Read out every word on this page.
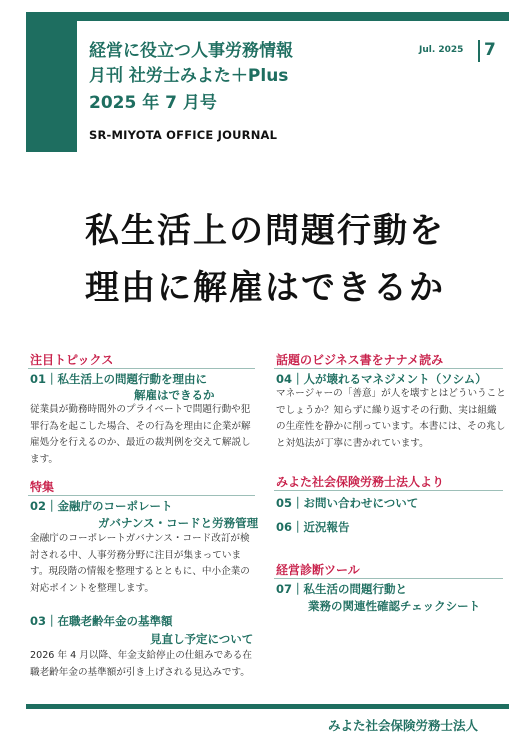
経営に役立つ人事労務情報
月刊 社労士みよた＋Plus
2025 年 7 月号
SR-MIYOTA OFFICE JOURNAL
Jul. 2025 7
私生活上の問題行動を
理由に解雇はできるか
注目トピックス
01｜私生活上の問題行動を理由に
解雇はできるか
従業員が勤務時間外のプライベートで問題行動や犯罪行為を起こした場合、その行為を理由に企業が解雇処分を行えるのか、最近の裁判例を交えて解説します。
特集
02｜金融庁のコーポレート
ガバナンス・コードと労務管理
金融庁のコーポレートガバナンス・コード改訂が検討される中、人事労務分野に注目が集まっています。現段階の情報を整理するとともに、中小企業の対応ポイントを整理します。
03｜在職老齢年金の基準額
見直し予定について
2026 年 4 月以降、年金支給停止の仕組みである在職老齢年金の基準額が引き上げされる見込みです。
話題のビジネス書をナナメ読み
04｜人が壊れるマネジメント（ソシム）
マネージャーの「善意」が人を壊すとはどういうことでしょうか？知らずに繰り返すその行動、実は組織の生産性を静かに削っています。本書には、その兆しと対処法が丁寧に書かれています。
みよた社会保険労務士法人より
05｜お問い合わせについて
06｜近況報告
経営診断ツール
07｜私生活の問題行動と
業務の関連性確認チェックシート
みよた社会保険労務士法人
